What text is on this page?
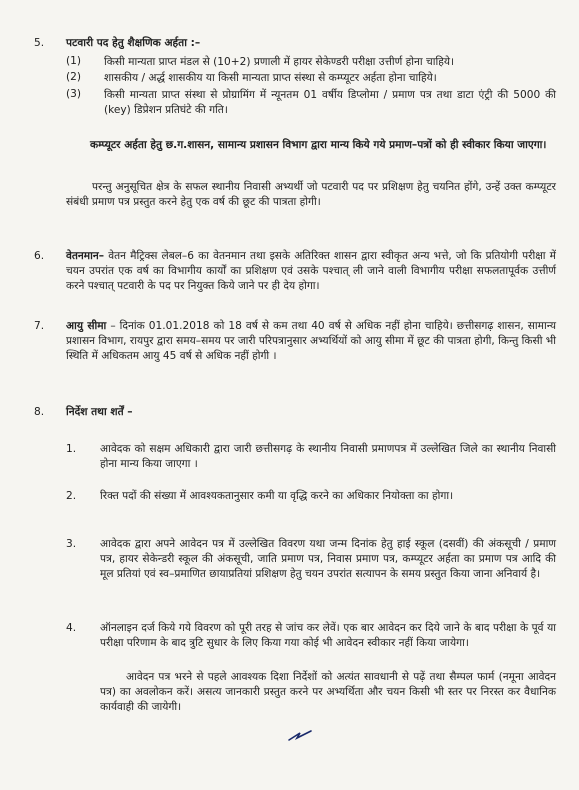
5. पटवारी पद हेतु शैक्षणिक अर्हता :–
(1) किसी मान्यता प्राप्त मंडल से (10+2) प्रणाली में हायर सेकेण्डरी परीक्षा उत्तीर्ण होना चाहिये।
(2) शासकीय / अर्द्ध शासकीय या किसी मान्यता प्राप्त संस्था से कम्प्यूटर अर्हता होना चाहिये।
(3) किसी मान्यता प्राप्त संस्था से प्रोग्रामिंग में न्यूनतम 01 वर्षीय डिप्लोमा / प्रमाण पत्र तथा डाटा एंट्री की 5000 की (key) डिप्रेशन प्रतिघंटे की गति।
कम्प्यूटर अर्हता हेतु छ.ग.शासन, सामान्य प्रशासन विभाग द्वारा मान्य किये गये प्रमाण–पत्रों को ही स्वीकार किया जाएगा।
परन्तु अनुसूचित क्षेत्र के सफल स्थानीय निवासी अभ्यर्थी जो पटवारी पद पर प्रशिक्षण हेतु चयनित होंगे, उन्हें उक्त कम्प्यूटर संबंधी प्रमाण पत्र प्रस्तुत करने हेतु एक वर्ष की छूट की पात्रता होगी।
6. वेतनमान– वेतन मैट्रिक्स लेबल–6 का वेतनमान तथा इसके अतिरिक्त शासन द्वारा स्वीकृत अन्य भत्ते, जो कि प्रतियोगी परीक्षा में चयन उपरांत एक वर्ष का विभागीय कार्यों का प्रशिक्षण एवं उसके पश्चात् ली जाने वाली विभागीय परीक्षा सफलतापूर्वक उत्तीर्ण करने पश्चात् पटवारी के पद पर नियुक्त किये जाने पर ही देय होगा।
7. आयु सीमा – दिनांक 01.01.2018 को 18 वर्ष से कम तथा 40 वर्ष से अधिक नहीं होना चाहिये। छत्तीसगढ़ शासन, सामान्य प्रशासन विभाग, रायपुर द्वारा समय–समय पर जारी परिपत्रानुसार अभ्यर्थियों को आयु सीमा में छूट की पात्रता होगी, किन्तु किसी भी स्थिति में अधिकतम आयु 45 वर्ष से अधिक नहीं होगी ।
8. निर्देश तथा शर्तें –
1. आवेदक को सक्षम अधिकारी द्वारा जारी छत्तीसगढ़ के स्थानीय निवासी प्रमाणपत्र में उल्लेखित जिले का स्थानीय निवासी होना मान्य किया जाएगा ।
2. रिक्त पदों की संख्या में आवश्यकतानुसार कमी या वृद्धि करने का अधिकार नियोक्ता का होगा।
3. आवेदक द्वारा अपने आवेदन पत्र में उल्लेखित विवरण यथा जन्म दिनांक हेतु हाई स्कूल (दसवीं) की अंकसूची / प्रमाण पत्र, हायर सेकेन्डरी स्कूल की अंकसूची, जाति प्रमाण पत्र, निवास प्रमाण पत्र, कम्प्यूटर अर्हता का प्रमाण पत्र आदि की मूल प्रतियां एवं स्व–प्रमाणित छायाप्रतियां प्रशिक्षण हेतु चयन उपरांत सत्यापन के समय प्रस्तुत किया जाना अनिवार्य है।
4. ऑनलाइन दर्ज किये गये विवरण को पूरी तरह से जांच कर लेवें। एक बार आवेदन कर दिये जाने के बाद परीक्षा के पूर्व या परीक्षा परिणाम के बाद त्रुटि सुधार के लिए किया गया कोई भी आवेदन स्वीकार नहीं किया जायेगा।
आवेदन पत्र भरने से पहले आवश्यक दिशा निर्देशों को अत्यंत सावधानी से पढ़ें तथा सैम्पल फार्म (नमूना आवेदन पत्र) का अवलोकन करें। असत्य जानकारी प्रस्तुत करने पर अभ्यर्थिता और चयन किसी भी स्तर पर निरस्त कर वैधानिक कार्यवाही की जायेगी।
